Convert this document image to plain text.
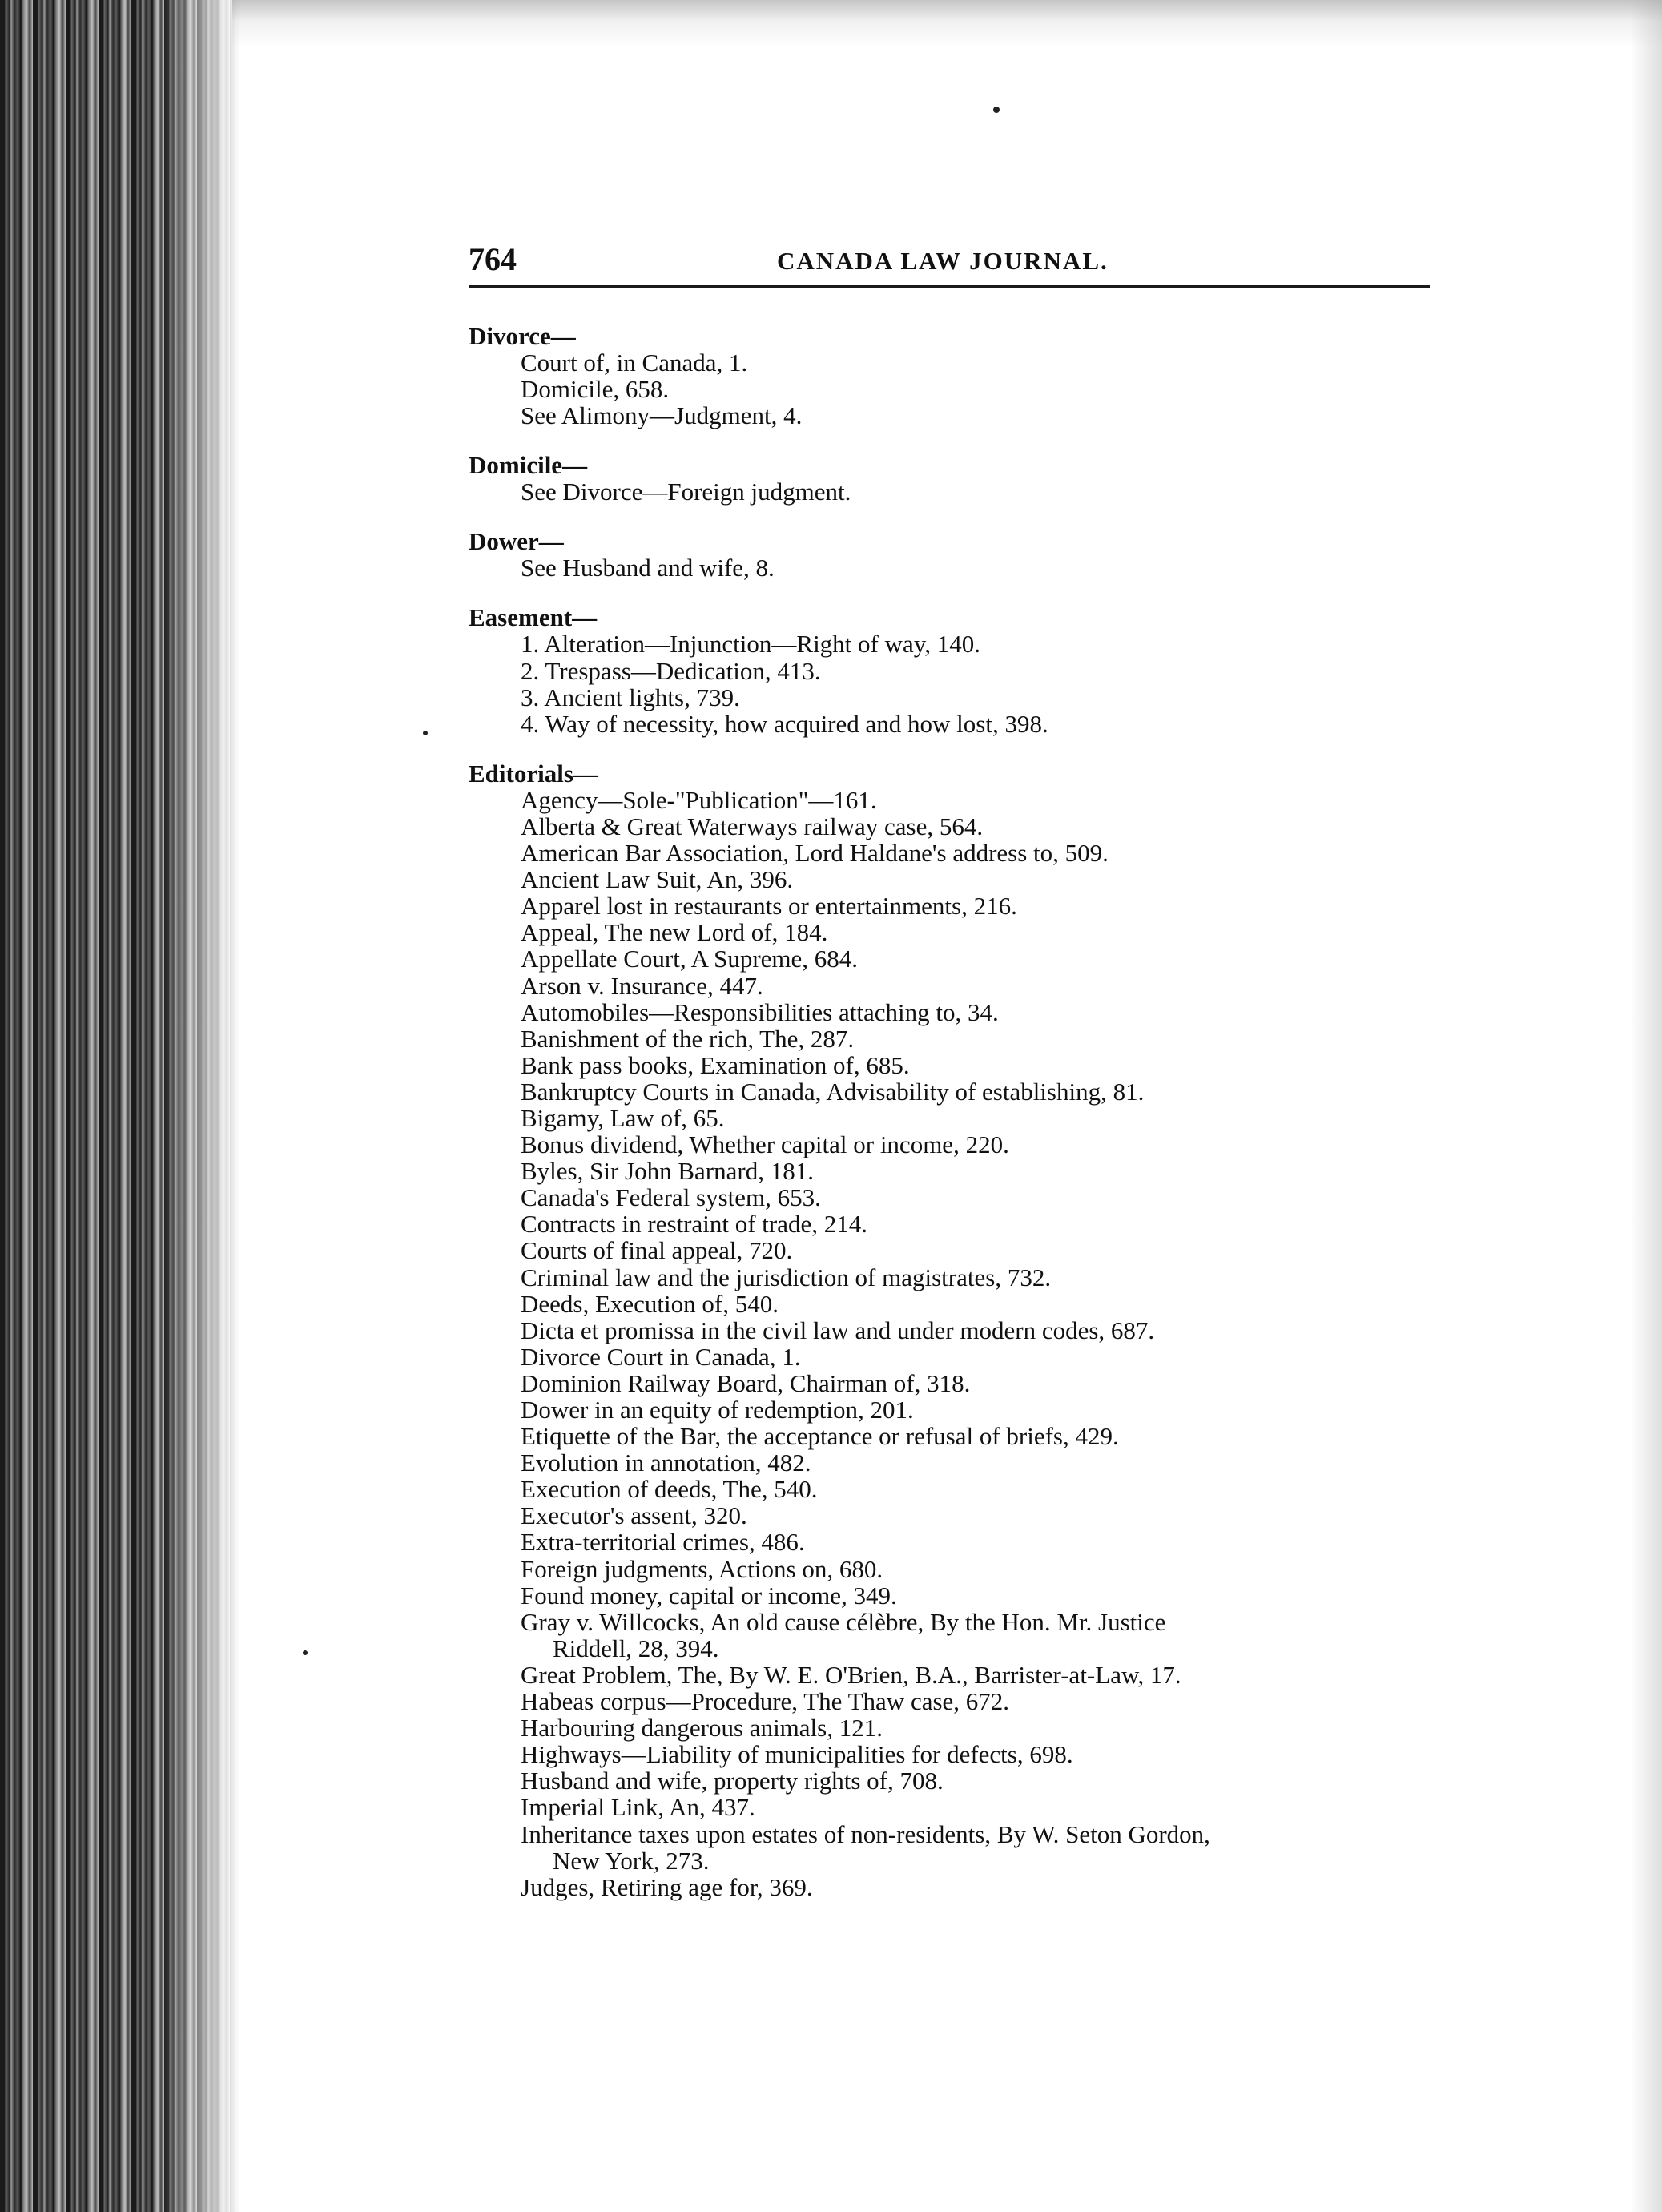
764	CANADA LAW JOURNAL.
Divorce—
Court of, in Canada, 1.
Domicile, 658.
See Alimony—Judgment, 4.
Domicile—
See Divorce—Foreign judgment.
Dower—
See Husband and wife, 8.
Easement—
1. Alteration—Injunction—Right of way, 140.
2. Trespass—Dedication, 413.
3. Ancient lights, 739.
4. Way of necessity, how acquired and how lost, 398.
Editorials—
Agency—Sole-"Publication"—161.
Alberta & Great Waterways railway case, 564.
American Bar Association, Lord Haldane's address to, 509.
Ancient Law Suit, An, 396.
Apparel lost in restaurants or entertainments, 216.
Appeal, The new Lord of, 184.
Appellate Court, A Supreme, 684.
Arson v. Insurance, 447.
Automobiles—Responsibilities attaching to, 34.
Banishment of the rich, The, 287.
Bank pass books, Examination of, 685.
Bankruptcy Courts in Canada, Advisability of establishing, 81.
Bigamy, Law of, 65.
Bonus dividend, Whether capital or income, 220.
Byles, Sir John Barnard, 181.
Canada's Federal system, 653.
Contracts in restraint of trade, 214.
Courts of final appeal, 720.
Criminal law and the jurisdiction of magistrates, 732.
Deeds, Execution of, 540.
Dicta et promissa in the civil law and under modern codes, 687.
Divorce Court in Canada, 1.
Dominion Railway Board, Chairman of, 318.
Dower in an equity of redemption, 201.
Etiquette of the Bar, the acceptance or refusal of briefs, 429.
Evolution in annotation, 482.
Execution of deeds, The, 540.
Executor's assent, 320.
Extra-territorial crimes, 486.
Foreign judgments, Actions on, 680.
Found money, capital or income, 349.
Gray v. Willcocks, An old cause célèbre, By the Hon. Mr. Justice
Riddell, 28, 394.
Great Problem, The, By W. E. O'Brien, B.A., Barrister-at-Law, 17.
Habeas corpus—Procedure, The Thaw case, 672.
Harbouring dangerous animals, 121.
Highways—Liability of municipalities for defects, 698.
Husband and wife, property rights of, 708.
Imperial Link, An, 437.
Inheritance taxes upon estates of non-residents, By W. Seton Gordon,
New York, 273.
Judges, Retiring age for, 369.
